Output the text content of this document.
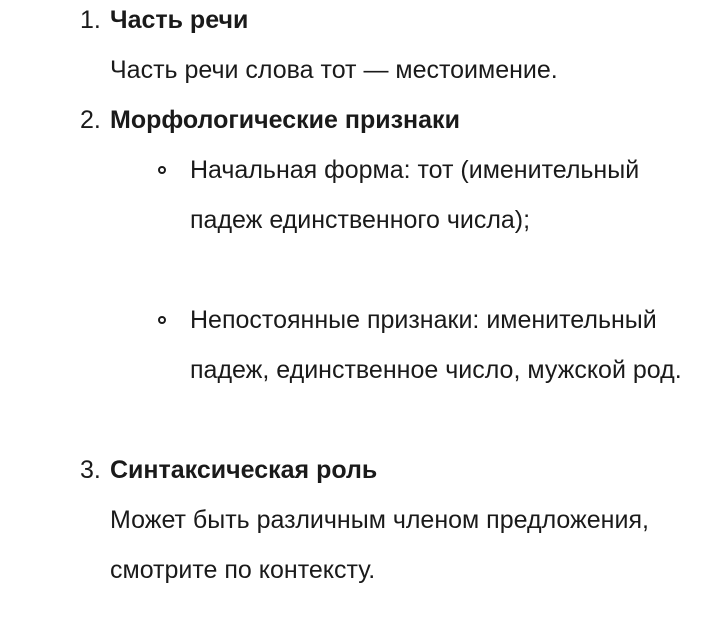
1. Часть речи
Часть речи слова тот — местоимение.
2. Морфологические признаки
Начальная форма: тот (именительный падеж единственного числа);
Непостоянные признаки: именительный падеж, единственное число, мужской род.
3. Синтаксическая роль
Может быть различным членом предложения, смотрите по контексту.
